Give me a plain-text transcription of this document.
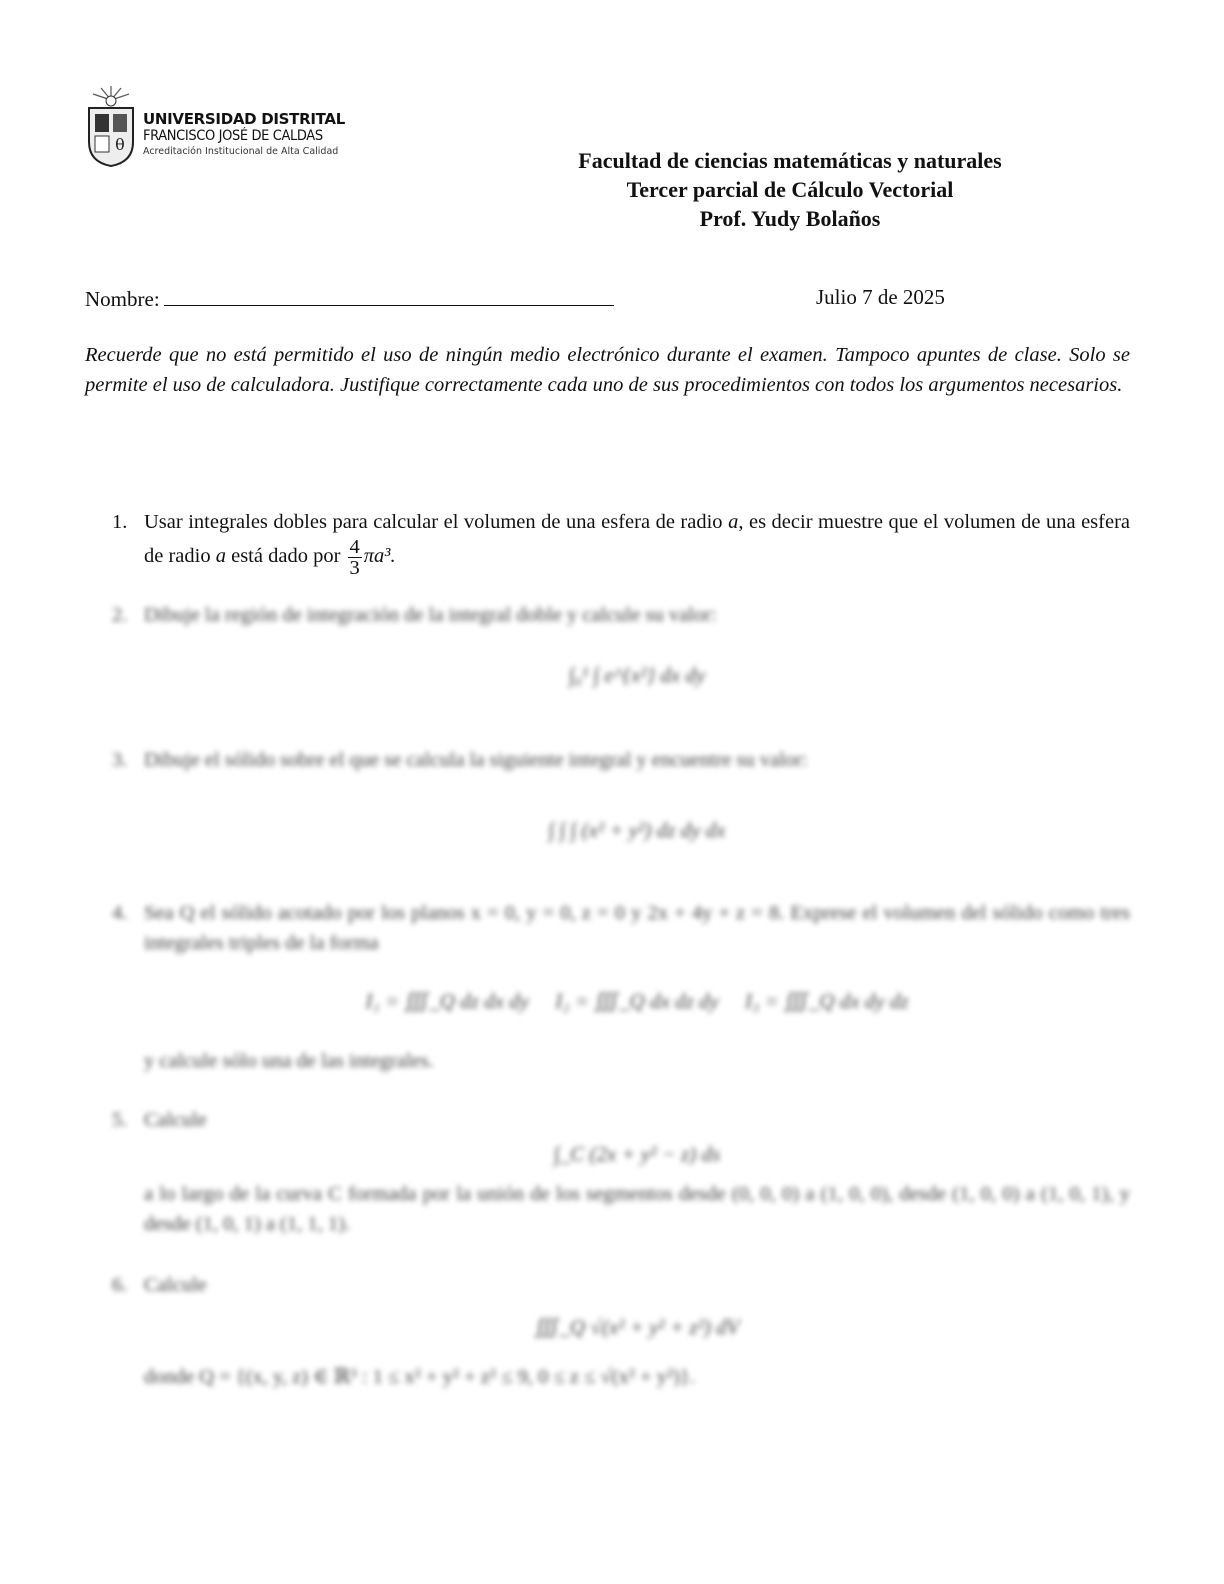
θ
UNIVERSIDAD DISTRITAL
FRANCISCO JOSÉ DE CALDAS
Acreditación Institucional de Alta Calidad	Facultad de ciencias matemáticas y naturales
Tercer parcial de Cálculo Vectorial
Prof. Yudy Bolaños
Nombre:	Julio 7 de 2025
Recuerde que no está permitido el uso de ningún medio electrónico durante el examen. Tampoco apuntes de clase. Solo se permite el uso de calculadora. Justifique correctamente cada uno de sus procedimientos con todos los argumentos necesarios.
1. Usar integrales dobles para calcular el volumen de una esfera de radio a, es decir muestre que el volumen de una esfera de radio a está dado por $\frac{4}{3} \pi a^3$.
2. Dibuje la región de integración de la integral doble y calcule su valor:
∫₀¹ ∫ e^{x²} dx dy
3. Dibuje el sólido sobre el que se calcula la siguiente integral y encuentre su valor:
∫ ∫ ∫ (x² + y²) dz dy dx
4. Sea Q el sólido acotado por los planos x = 0, y = 0, z = 0 y 2x + 4y + z = 8. Exprese el volumen del sólido como tres integrales triples de la forma
I₁ = ∭_Q dz dx dy     I₂ = ∭_Q dx dz dy     I₃ = ∭_Q dx dy dz
y calcule sólo una de las integrales.
5. Calcule
∫_C (2x + y² − z) ds
a lo largo de la curva C formada por la unión de los segmentos desde (0, 0, 0) a (1, 0, 0), desde (1, 0, 0) a (1, 0, 1), y desde (1, 0, 1) a (1, 1, 1).
6. Calcule
∭_Q √(x² + y² + z²) dV
donde Q = {(x, y, z) ∈ ℝ³ : 1 ≤ x² + y² + z² ≤ 9, 0 ≤ z ≤ √(x² + y²)}.
